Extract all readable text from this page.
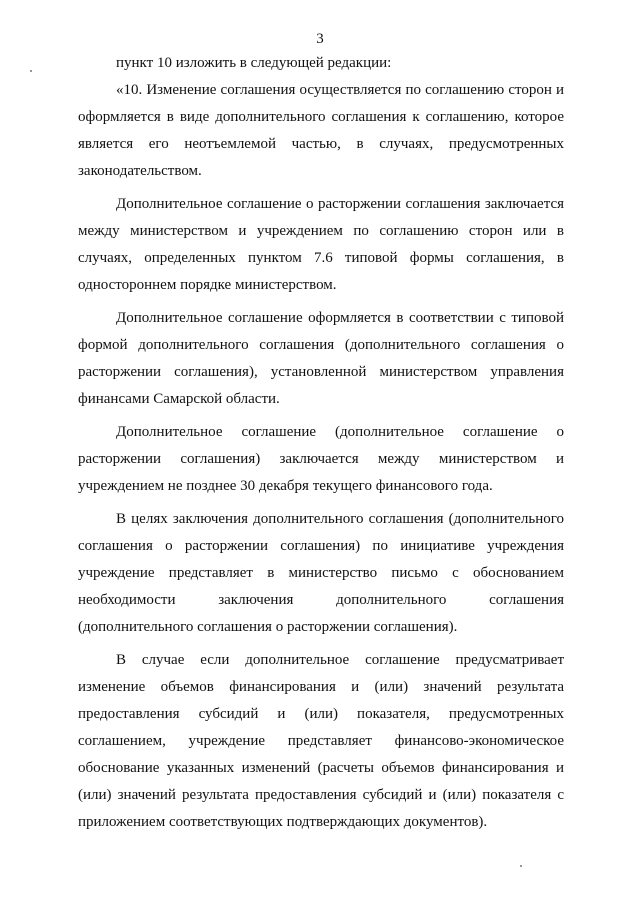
3

пункт 10 изложить в следующей редакции:

«10. Изменение соглашения осуществляется по соглашению сторон и оформляется в виде дополнительного соглашения к соглашению, которое является его неотъемлемой частью, в случаях, предусмотренных законодательством.

Дополнительное соглашение о расторжении соглашения заключается между министерством и учреждением по соглашению сторон или в случаях, определенных пунктом 7.6 типовой формы соглашения, в одностороннем порядке министерством.

Дополнительное соглашение оформляется в соответствии с типовой формой дополнительного соглашения (дополнительного соглашения о расторжении соглашения), установленной министерством управления финансами Самарской области.

Дополнительное соглашение (дополнительное соглашение о расторжении соглашения) заключается между министерством и учреждением не позднее 30 декабря текущего финансового года.

В целях заключения дополнительного соглашения (дополнительного соглашения о расторжении соглашения) по инициативе учреждения учреждение представляет в министерство письмо с обоснованием необходимости заключения дополнительного соглашения (дополнительного соглашения о расторжении соглашения).

В случае если дополнительное соглашение предусматривает изменение объемов финансирования и (или) значений результата предоставления субсидий и (или) показателя, предусмотренных соглашением, учреждение представляет финансово-экономическое обоснование указанных изменений (расчеты объемов финансирования и (или) значений результата предоставления субсидий и (или) показателя с приложением соответствующих подтверждающих документов).
